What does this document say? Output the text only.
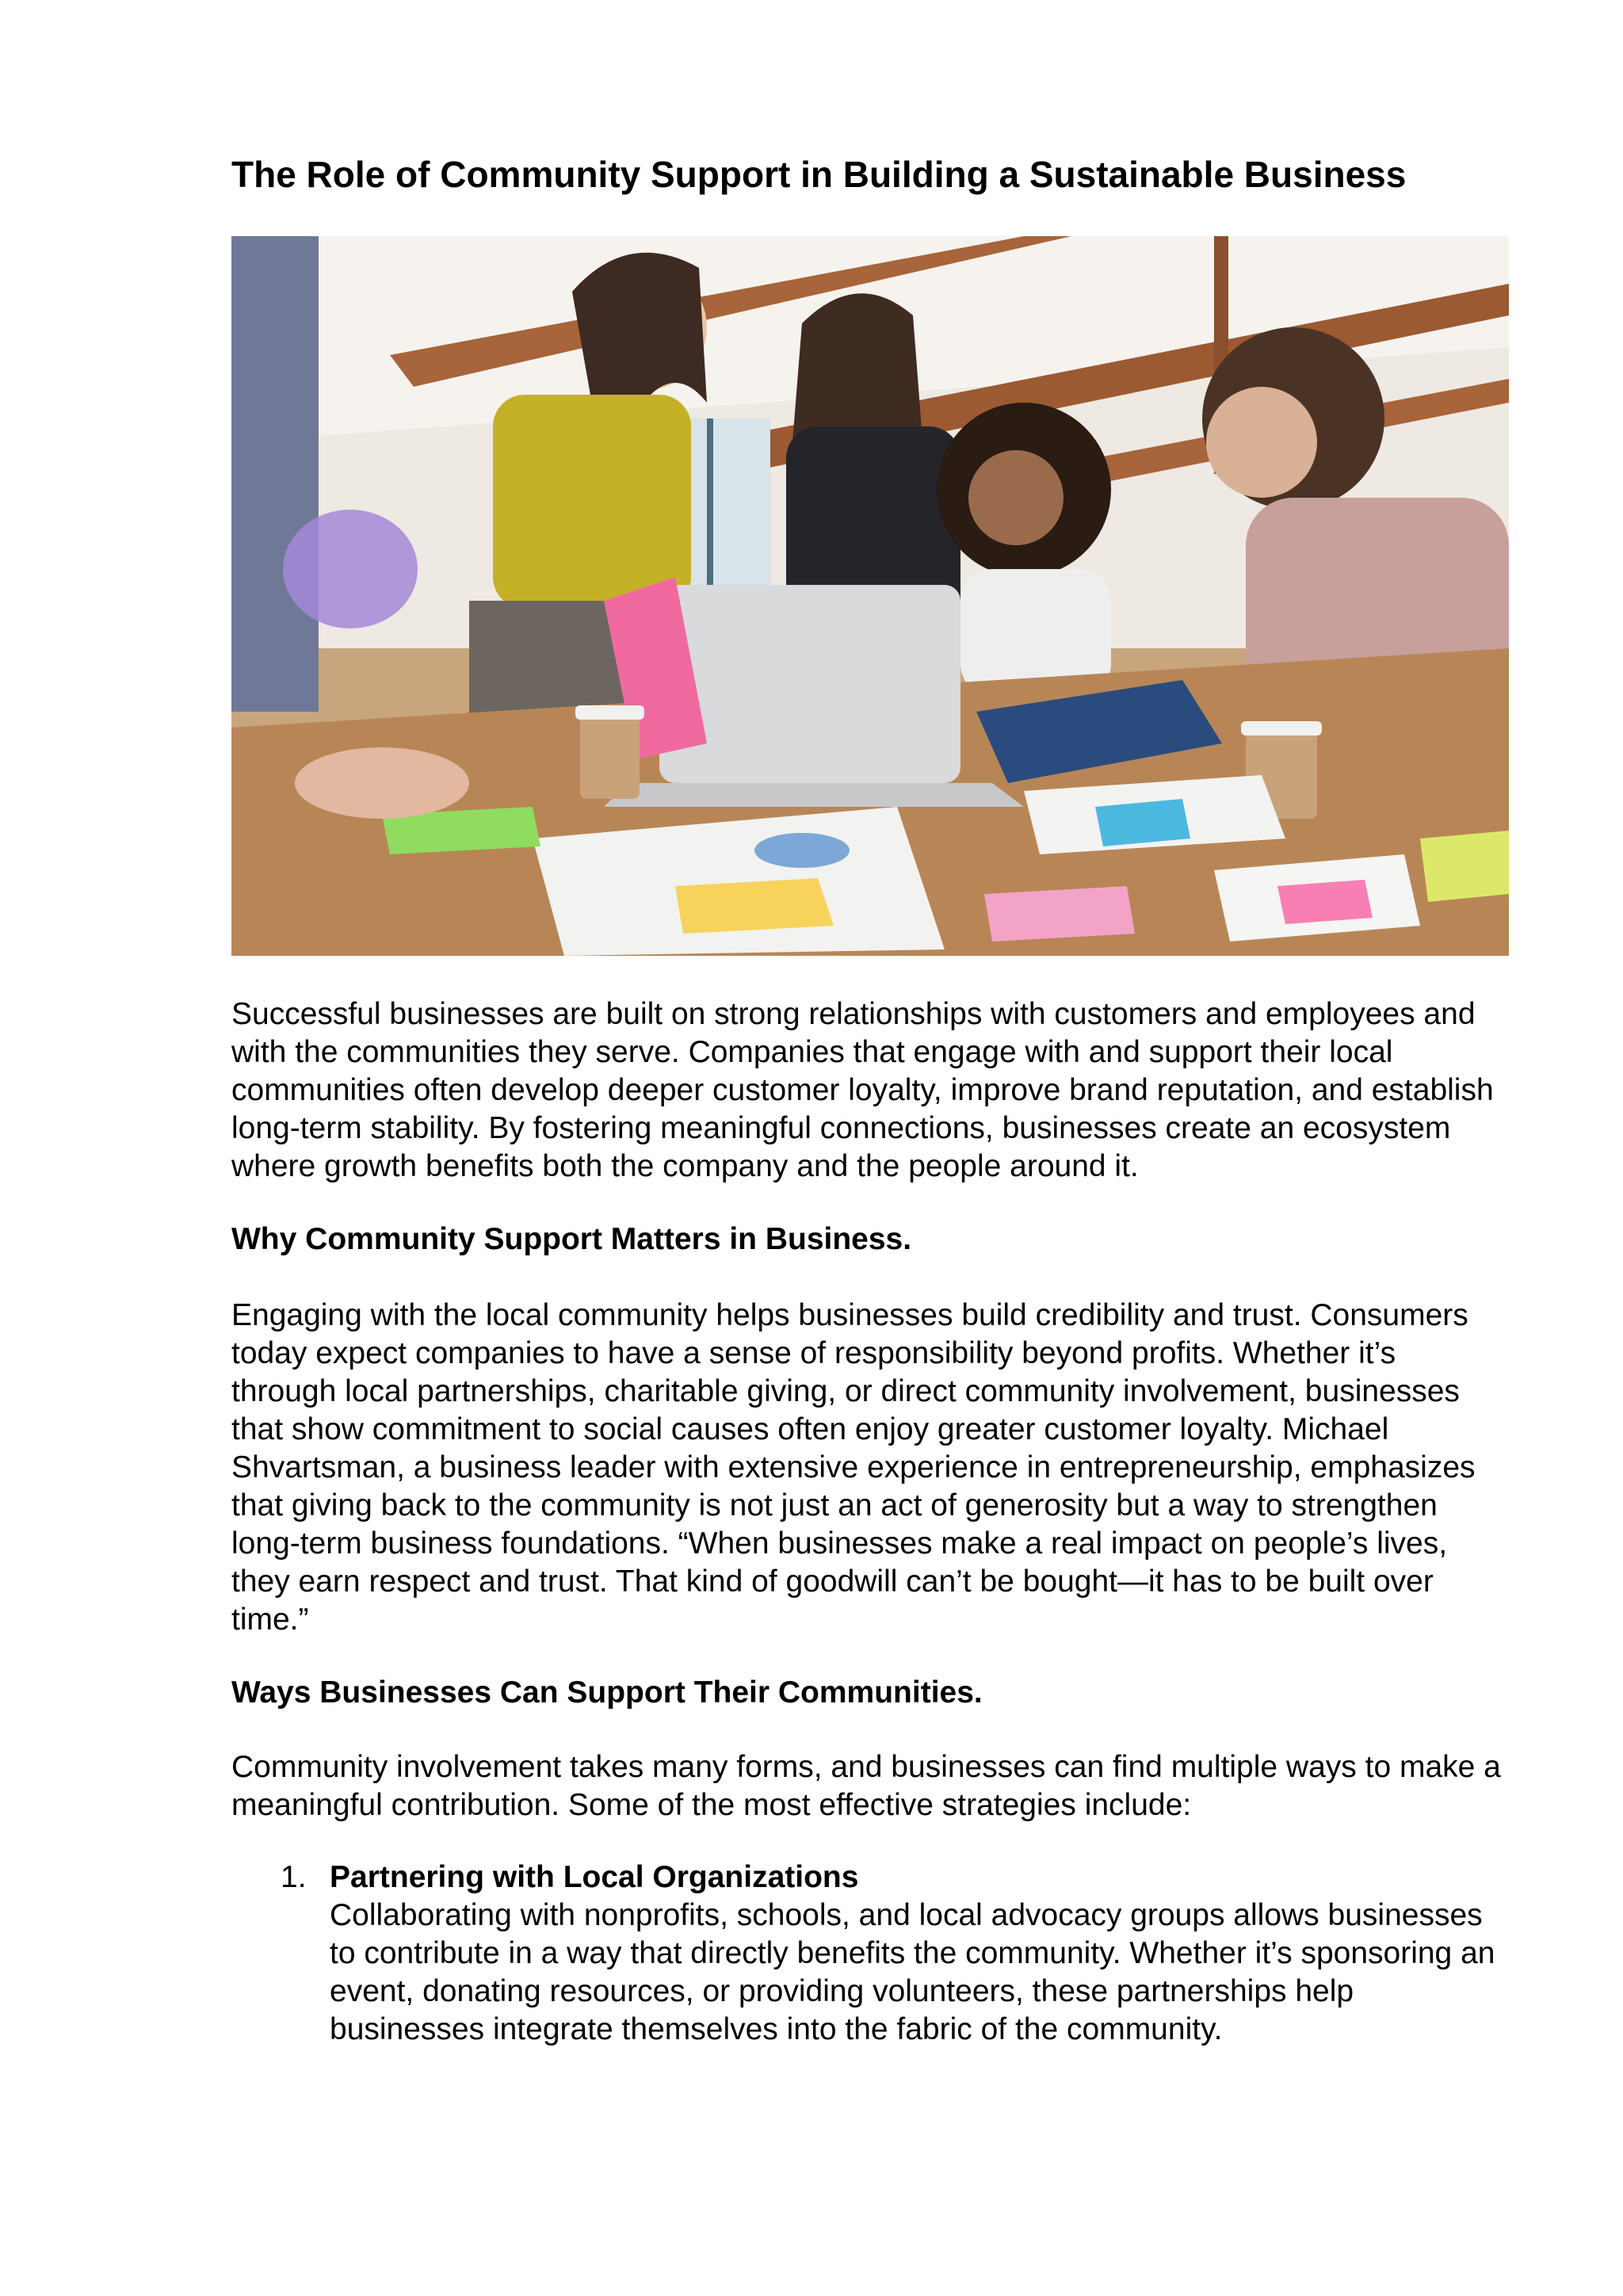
The Role of Community Support in Building a Sustainable Business

Successful businesses are built on strong relationships with customers and employees and with the communities they serve. Companies that engage with and support their local communities often develop deeper customer loyalty, improve brand reputation, and establish long-term stability. By fostering meaningful connections, businesses create an ecosystem where growth benefits both the company and the people around it.

Why Community Support Matters in Business.

Engaging with the local community helps businesses build credibility and trust. Consumers today expect companies to have a sense of responsibility beyond profits. Whether it’s through local partnerships, charitable giving, or direct community involvement, businesses that show commitment to social causes often enjoy greater customer loyalty. Michael Shvartsman, a business leader with extensive experience in entrepreneurship, emphasizes that giving back to the community is not just an act of generosity but a way to strengthen long-term business foundations. “When businesses make a real impact on people’s lives, they earn respect and trust. That kind of goodwill can’t be bought—it has to be built over time.”

Ways Businesses Can Support Their Communities.

Community involvement takes many forms, and businesses can find multiple ways to make a meaningful contribution. Some of the most effective strategies include:

1. Partnering with Local Organizations
Collaborating with nonprofits, schools, and local advocacy groups allows businesses to contribute in a way that directly benefits the community. Whether it’s sponsoring an event, donating resources, or providing volunteers, these partnerships help businesses integrate themselves into the fabric of the community.
